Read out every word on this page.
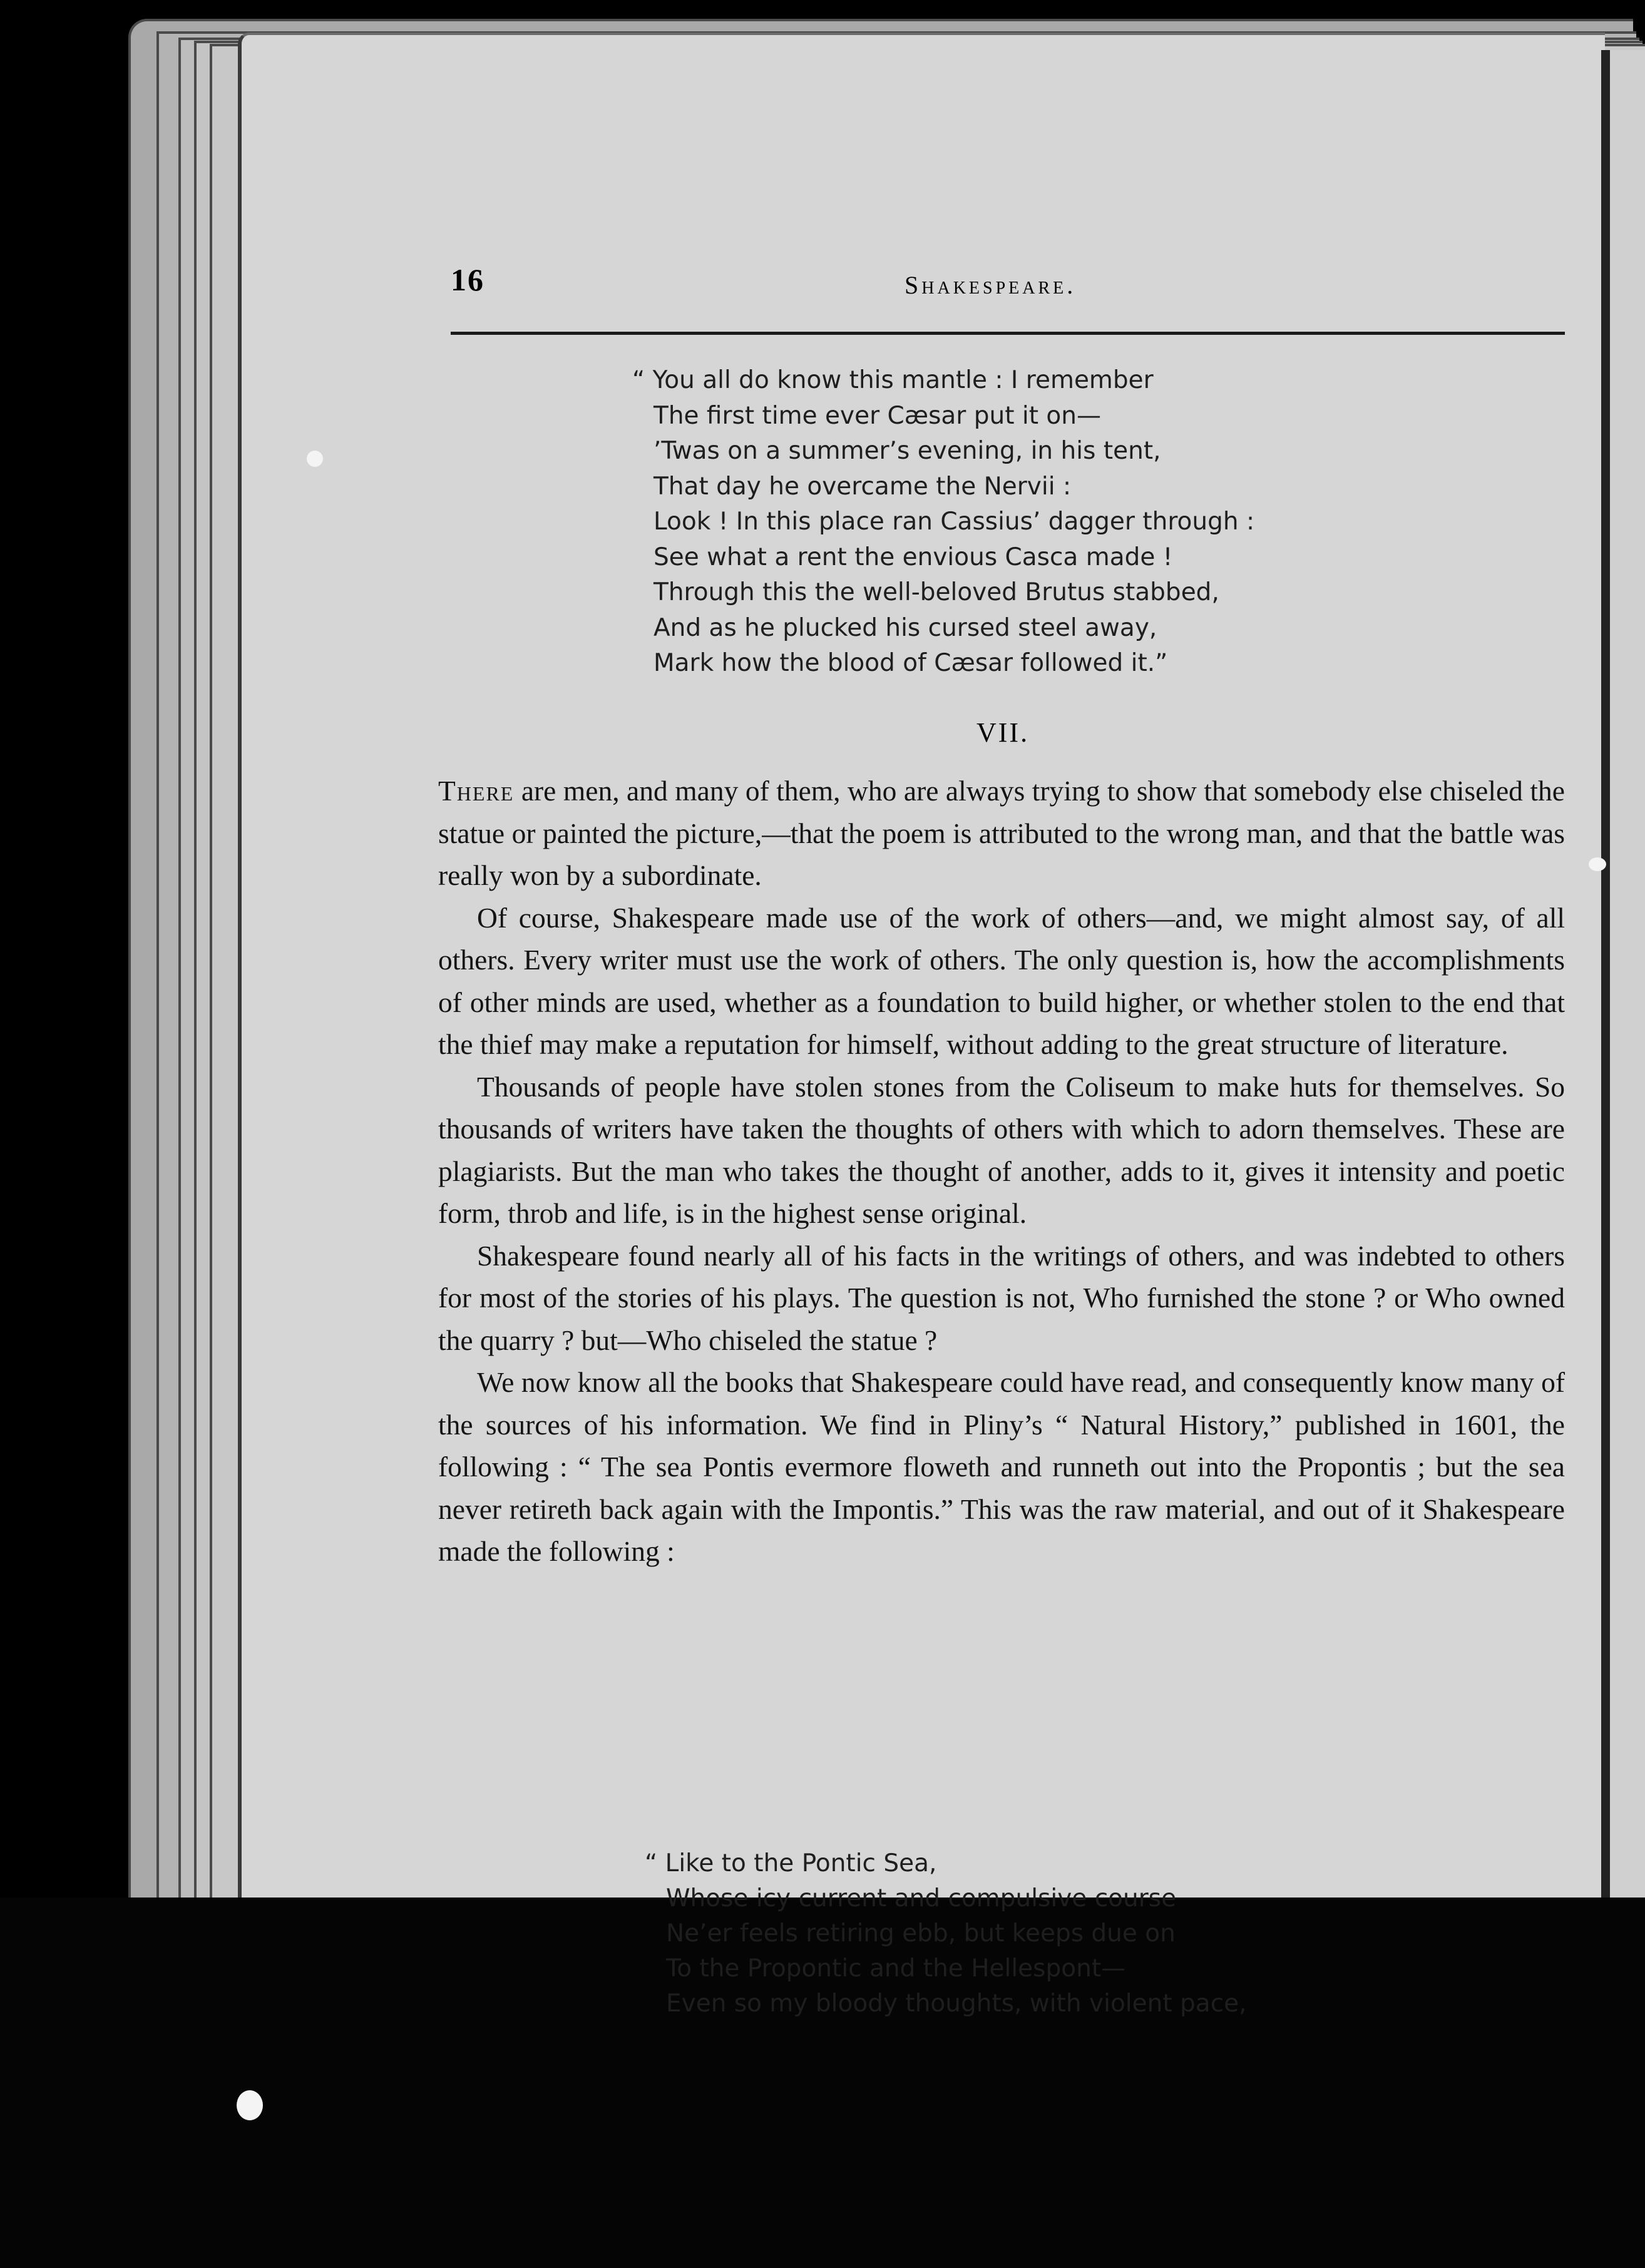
16	Shakespeare.
“ You all do know this mantle : I remember
The first time ever Cæsar put it on—
’Twas on a summer’s evening, in his tent,
That day he overcame the Nervii :
Look ! In this place ran Cassius’ dagger through :
See what a rent the envious Casca made !
Through this the well-beloved Brutus stabbed,
And as he plucked his cursed steel away,
Mark how the blood of Cæsar followed it.”
VII.

There are men, and many of them, who are always trying to show that somebody else chiseled the statue or painted the picture,—that the poem is attributed to the wrong man, and that the battle was really won by a subordinate.

Of course, Shakespeare made use of the work of others—and, we might almost say, of all others. Every writer must use the work of others. The only question is, how the accomplishments of other minds are used, whether as a foundation to build higher, or whether stolen to the end that the thief may make a reputation for himself, without adding to the great structure of literature.

Thousands of people have stolen stones from the Coliseum to make huts for themselves. So thousands of writers have taken the thoughts of others with which to adorn themselves. These are plagiarists. But the man who takes the thought of another, adds to it, gives it intensity and poetic form, throb and life, is in the highest sense original.

Shakespeare found nearly all of his facts in the writings of others, and was indebted to others for most of the stories of his plays. The question is not, Who furnished the stone ? or Who owned the quarry ? but—Who chiseled the statue ?

We now know all the books that Shakespeare could have read, and consequently know many of the sources of his information. We find in Pliny’s “ Natural History,” published in 1601, the following : “ The sea Pontis evermore floweth and runneth out into the Propontis ; but the sea never retireth back again with the Impontis.” This was the raw material, and out of it Shakespeare made the following :

“ Like to the Pontic Sea,
Whose icy current and compulsive course
Ne’er feels retiring ebb, but keeps due on
To the Propontic and the Hellespont—
Even so my bloody thoughts, with violent pace,
